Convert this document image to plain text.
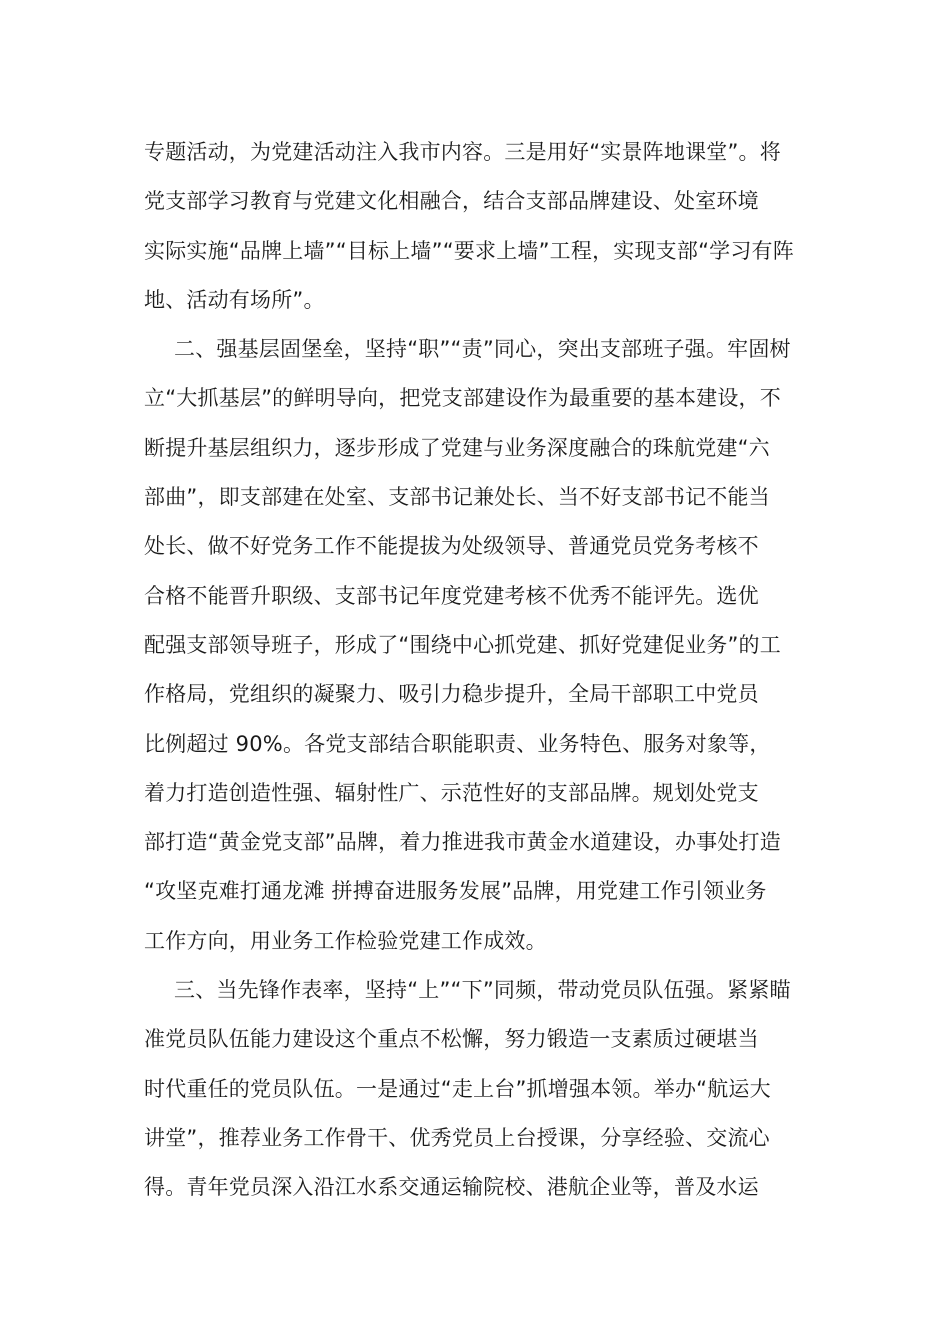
专题活动，为党建活动注入我市内容。三是用好“实景阵地课堂”。将
党支部学习教育与党建文化相融合，结合支部品牌建设、处室环境
实际实施“品牌上墙”“目标上墙”“要求上墙”工程，实现支部“学习有阵
地、活动有场所”。
二、强基层固堡垒，坚持“职”“责”同心，突出支部班子强。牢固树
立“大抓基层”的鲜明导向，把党支部建设作为最重要的基本建设，不
断提升基层组织力，逐步形成了党建与业务深度融合的珠航党建“六
部曲”，即支部建在处室、支部书记兼处长、当不好支部书记不能当
处长、做不好党务工作不能提拔为处级领导、普通党员党务考核不
合格不能晋升职级、支部书记年度党建考核不优秀不能评先。选优
配强支部领导班子，形成了“围绕中心抓党建、抓好党建促业务”的工
作格局，党组织的凝聚力、吸引力稳步提升，全局干部职工中党员
比例超过 90%。各党支部结合职能职责、业务特色、服务对象等，
着力打造创造性强、辐射性广、示范性好的支部品牌。规划处党支
部打造“黄金党支部”品牌，着力推进我市黄金水道建设，办事处打造
“攻坚克难打通龙滩 拼搏奋进服务发展”品牌，用党建工作引领业务
工作方向，用业务工作检验党建工作成效。
三、当先锋作表率，坚持“上”“下”同频，带动党员队伍强。紧紧瞄
准党员队伍能力建设这个重点不松懈，努力锻造一支素质过硬堪当
时代重任的党员队伍。一是通过“走上台”抓增强本领。举办“航运大
讲堂”，推荐业务工作骨干、优秀党员上台授课，分享经验、交流心
得。青年党员深入沿江水系交通运输院校、港航企业等，普及水运
